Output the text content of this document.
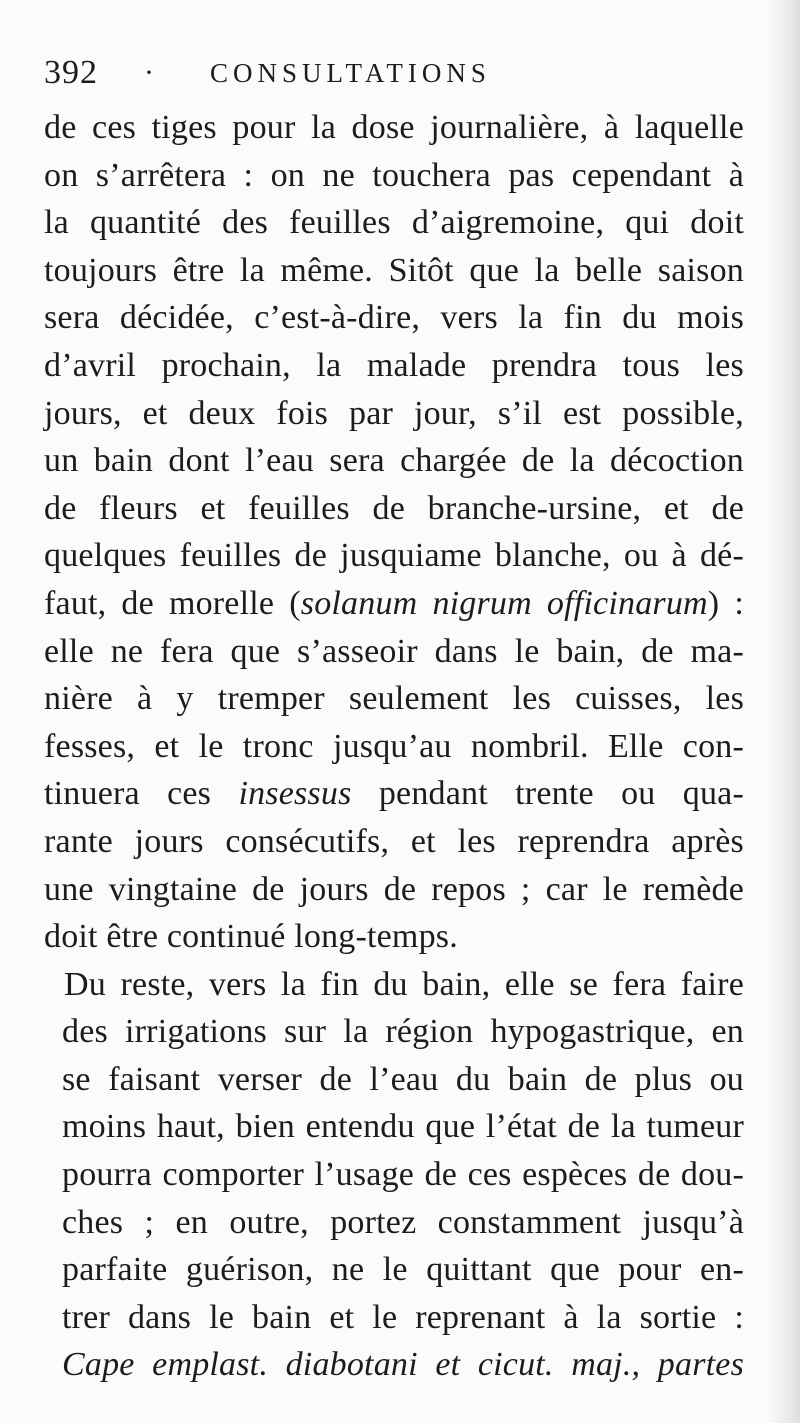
392 · CONSULTATIONS
de ces tiges pour la dose journalière, à laquelle
on s’arrêtera : on ne touchera pas cependant à
la quantité des feuilles d’aigremoine, qui doit
toujours être la même. Sitôt que la belle saison
sera décidée, c’est-à-dire, vers la fin du mois
d’avril prochain, la malade prendra tous les
jours, et deux fois par jour, s’il est possible,
un bain dont l’eau sera chargée de la décoction
de fleurs et feuilles de branche-ursine, et de
quelques feuilles de jusquiame blanche, ou à dé-
faut, de morelle (solanum nigrum officinarum) :
elle ne fera que s’asseoir dans le bain, de ma-
nière à y tremper seulement les cuisses, les
fesses, et le tronc jusqu’au nombril. Elle con-
tinuera ces insessus pendant trente ou qua-
rante jours consécutifs, et les reprendra après
une vingtaine de jours de repos ; car le remède
doit être continué long-temps.
Du reste, vers la fin du bain, elle se fera faire
des irrigations sur la région hypogastrique, en
se faisant verser de l’eau du bain de plus ou
moins haut, bien entendu que l’état de la tumeur
pourra comporter l’usage de ces espèces de dou-
ches ; en outre, portez constamment jusqu’à
parfaite guérison, ne le quittant que pour en-
trer dans le bain et le reprenant à la sortie :
Cape emplast. diabotani et cicut. maj., partes
